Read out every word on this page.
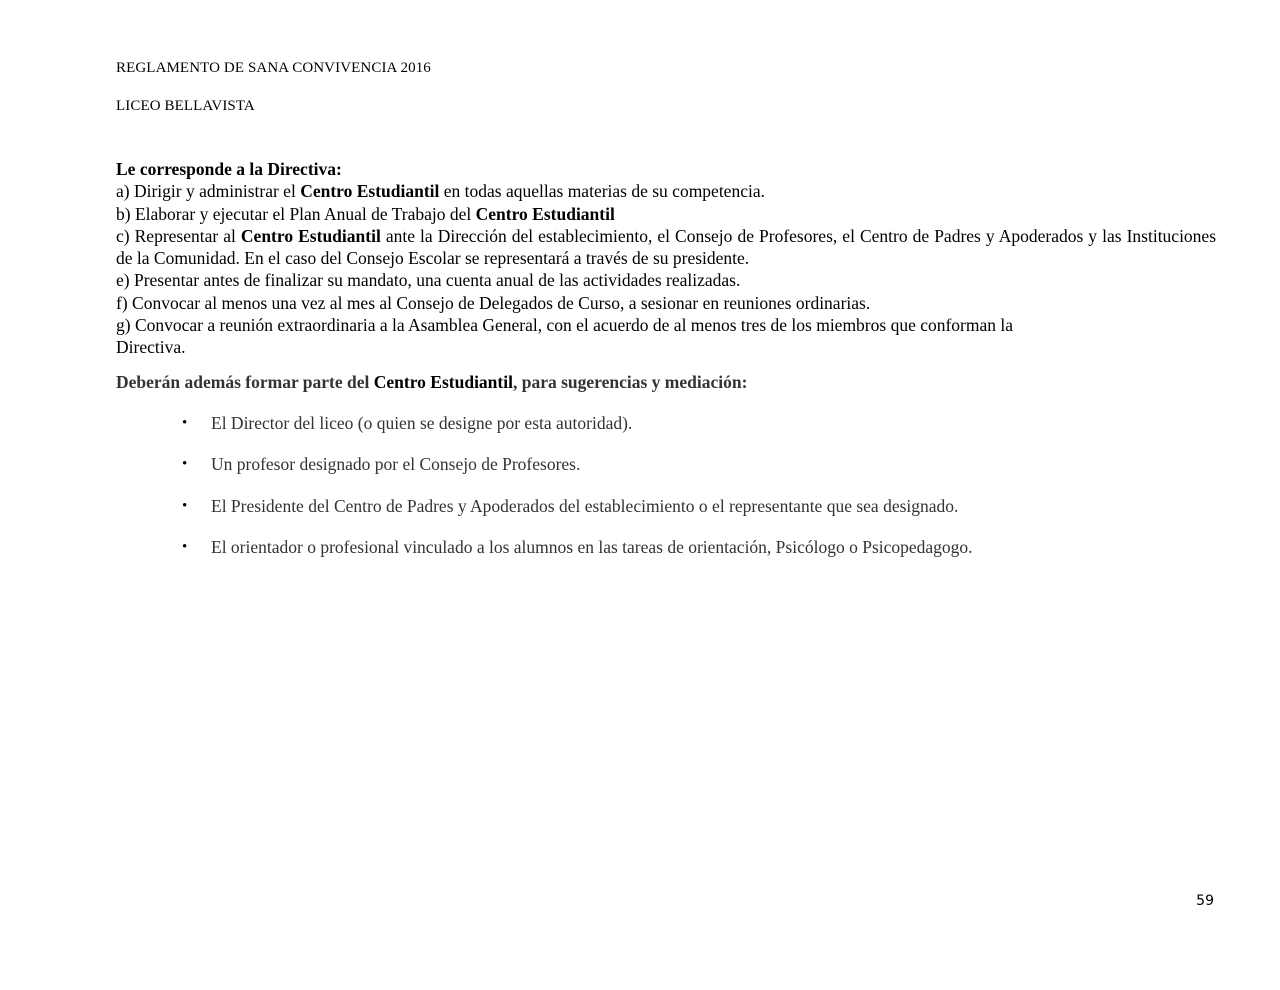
REGLAMENTO DE SANA CONVIVENCIA 2016
LICEO BELLAVISTA

Le corresponde a la Directiva:

a) Dirigir y administrar el Centro Estudiantil en todas aquellas materias de su competencia.

b) Elaborar y ejecutar el Plan Anual de Trabajo del Centro Estudiantil

c) Representar al Centro Estudiantil ante la Dirección del establecimiento, el Consejo de Profesores, el Centro de Padres y Apoderados y las Instituciones de la Comunidad. En el caso del Consejo Escolar se representará a través de su presidente.

e) Presentar antes de finalizar su mandato, una cuenta anual de las actividades realizadas.

f) Convocar al menos una vez al mes al Consejo de Delegados de Curso, a sesionar en reuniones ordinarias.

g) Convocar a reunión extraordinaria a la Asamblea General, con el acuerdo de al menos tres de los miembros que conforman la

Directiva.

Deberán además formar parte del Centro Estudiantil, para sugerencias y mediación:
• El Director del liceo (o quien se designe por esta autoridad).
• Un profesor designado por el Consejo de Profesores.
• El Presidente del Centro de Padres y Apoderados del establecimiento o el representante que sea designado.
• El orientador o profesional vinculado a los alumnos en las tareas de orientación, Psicólogo o Psicopedagogo.
59
